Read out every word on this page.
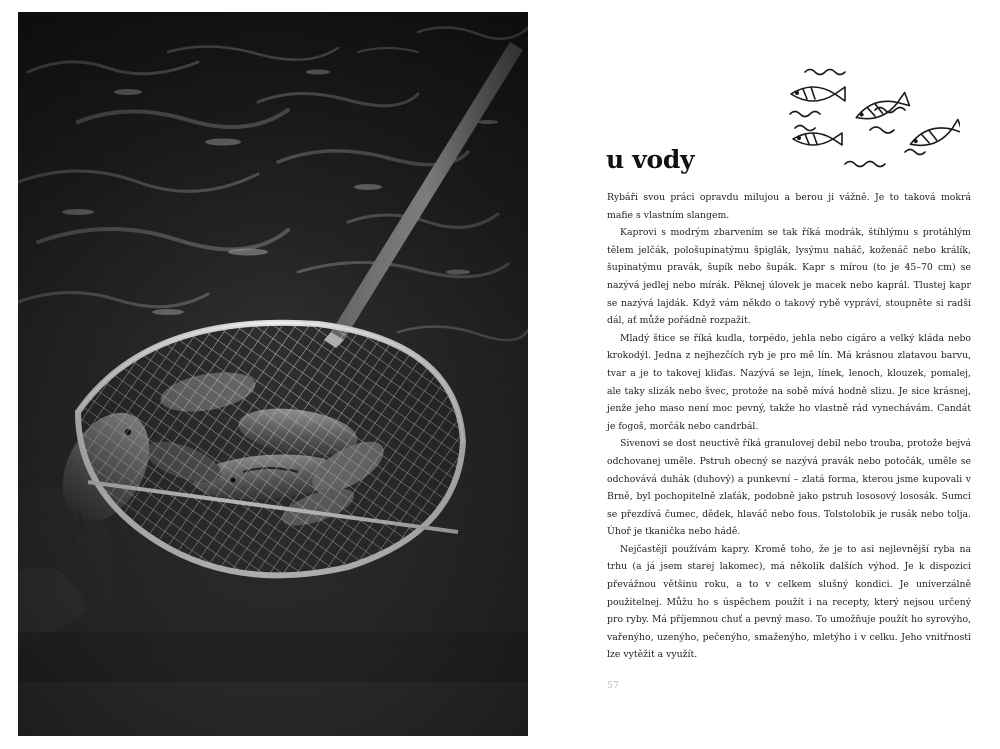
u vody

Rybáři svou práci opravdu milujou a berou ji vážně. Je to taková mokrá mafie s vlastním slangem.

Kaprovi s modrým zbarvením se tak říká modrák, štíhlýmu s protáhlým tělem jelčák, pološupinatýmu špiglák, lysýmu naháč, koženáč nebo králík, šupinatýmu pravák, šupík nebo šupák. Kapr s mírou (to je 45–70 cm) se nazývá jedlej nebo mírák. Pěknej úlovek je macek nebo kaprál. Tlustej kapr se nazývá lajdák. Když vám někdo o takový rybě vypráví, stoupněte si radši dál, ať může pořádně rozpažit.

Mladý štice se říká kudla, torpédo, jehla nebo cigáro a velký kláda nebo krokodýl. Jedna z nejhezčích ryb je pro mě lín. Má krásnou zlatavou barvu, tvar a je to takovej kliďas. Nazývá se lejn, línek, lenoch, klouzek, pomalej, ale taky slizák nebo švec, protože na sobě mívá hodně slizu. Je sice krásnej, jenže jeho maso není moc pevný, takže ho vlastně rád vynechávám. Candát je fogoš, morčák nebo candrbál.

Sivenovi se dost neuctivě říká granulovej debil nebo trouba, protože bejvá odchovanej uměle. Pstruh obecný se nazývá pravák nebo potočák, uměle se odchovává duhák (duhový) a punkevní – zlatá forma, kterou jsme kupovali v Brně, byl pochopitelně zlaťák, podobně jako pstruh lososový lososák. Sumci se přezdívá čumec, dědek, hlaváč nebo fous. Tolstolobik je rusák nebo tolja. Úhoř je tkanička nebo hádě.

Nejčastěji používám kapry. Kromě toho, že je to asi nejlevnější ryba na trhu (a já jsem starej lakomec), má několik dalších výhod. Je k dispozici převážnou většinu roku, a to v celkem slušný kondici. Je univerzálně použitelnej. Můžu ho s úspěchem použít i na recepty, který nejsou určený pro ryby. Má příjemnou chuť a pevný maso. To umožňuje použít ho syrovýho, vařenýho, uzenýho, pečenýho, smaženýho, mletýho i v celku. Jeho vnitřnosti lze vytěžit a využít.

57
